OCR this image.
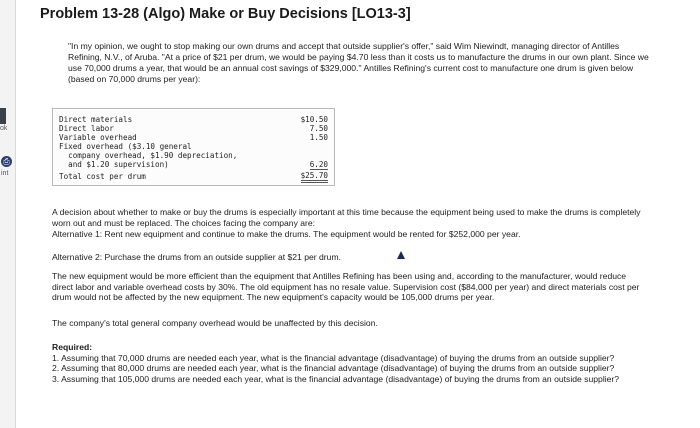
ok
⎙
int
Problem 13-28 (Algo) Make or Buy Decisions [LO13-3]
"In my opinion, we ought to stop making our own drums and accept that outside supplier's offer," said Wim Niewindt, managing director of Antilles Refining, N.V., of Aruba. "At a price of $21 per drum, we would be paying $4.70 less than it costs us to manufacture the drums in our own plant. Since we use 70,000 drums a year, that would be an annual cost savings of $329,000." Antilles Refining's current cost to manufacture one drum is given below (based on 70,000 drums per year):
Direct materials	$10.50
Direct labor	7.50
Variable overhead	1.50
Fixed overhead ($3.10 general
company overhead, $1.90 depreciation,
and $1.20 supervision)	6.20
Total cost per drum	$25.70
A decision about whether to make or buy the drums is especially important at this time because the equipment being used to make the drums is completely worn out and must be replaced. The choices facing the company are:
Alternative 1: Rent new equipment and continue to make the drums. The equipment would be rented for $252,000 per year.
Alternative 2: Purchase the drums from an outside supplier at $21 per drum.
The new equipment would be more efficient than the equipment that Antilles Refining has been using and, according to the manufacturer, would reduce direct labor and variable overhead costs by 30%. The old equipment has no resale value. Supervision cost ($84,000 per year) and direct materials cost per drum would not be affected by the new equipment. The new equipment's capacity would be 105,000 drums per year.
The company's total general company overhead would be unaffected by this decision.
Required:
1. Assuming that 70,000 drums are needed each year, what is the financial advantage (disadvantage) of buying the drums from an outside supplier?
2. Assuming that 80,000 drums are needed each year, what is the financial advantage (disadvantage) of buying the drums from an outside supplier?
3. Assuming that 105,000 drums are needed each year, what is the financial advantage (disadvantage) of buying the drums from an outside supplier?
